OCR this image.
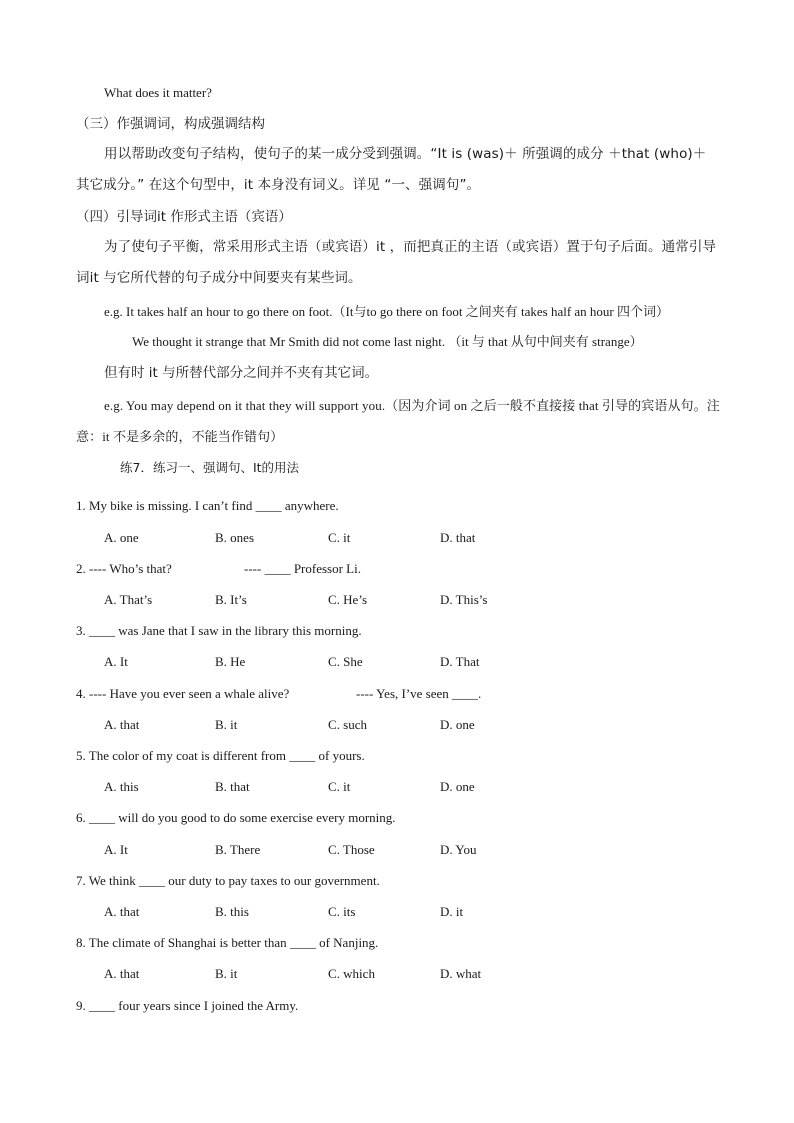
What does it matter?
（三）作强调词，构成强调结构
用以帮助改变句子结构，使句子的某一成分受到强调。“It is (was)＋ 所强调的成分 ＋that (who)＋ 其它成分。” 在这个句型中，it 本身没有词义。详见 “一、强调句”。
（四）引导词it 作形式主语（宾语）
为了使句子平衡，常采用形式主语（或宾语）it ，而把真正的主语（或宾语）置于句子后面。通常引导词it 与它所代替的句子成分中间要夹有某些词。
e.g. It takes half an hour to go there on foot.（It与to go there on foot 之间夹有 takes half an hour 四个词）
We thought it strange that Mr Smith did not come last night. （it 与 that 从句中间夹有 strange）
但有时 it 与所替代部分之间并不夹有其它词。
e.g. You may depend on it that they will support you.（因为介词 on 之后一般不直接接 that 引导的宾语从句。注意：it 不是多余的，不能当作错句）
练7．练习一、强调句、It的用法
1. My bike is missing. I can’t find ____ anywhere.
A. one	B. ones	C. it	D. that
2. ---- Who’s that?	---- ____ Professor Li.
A. That’s	B. It’s	C. He’s	D. This’s
3. ____ was Jane that I saw in the library this morning.
A. It	B. He	C. She	D. That
4. ---- Have you ever seen a whale alive?	---- Yes, I’ve seen ____.
A. that	B. it	C. such	D. one
5. The color of my coat is different from ____ of yours.
A. this	B. that	C. it	D. one
6. ____ will do you good to do some exercise every morning.
A. It	B. There	C. Those	D. You
7. We think ____ our duty to pay taxes to our government.
A. that	B. this	C. its	D. it
8. The climate of Shanghai is better than ____ of Nanjing.
A. that	B. it	C. which	D. what
9. ____ four years since I joined the Army.
